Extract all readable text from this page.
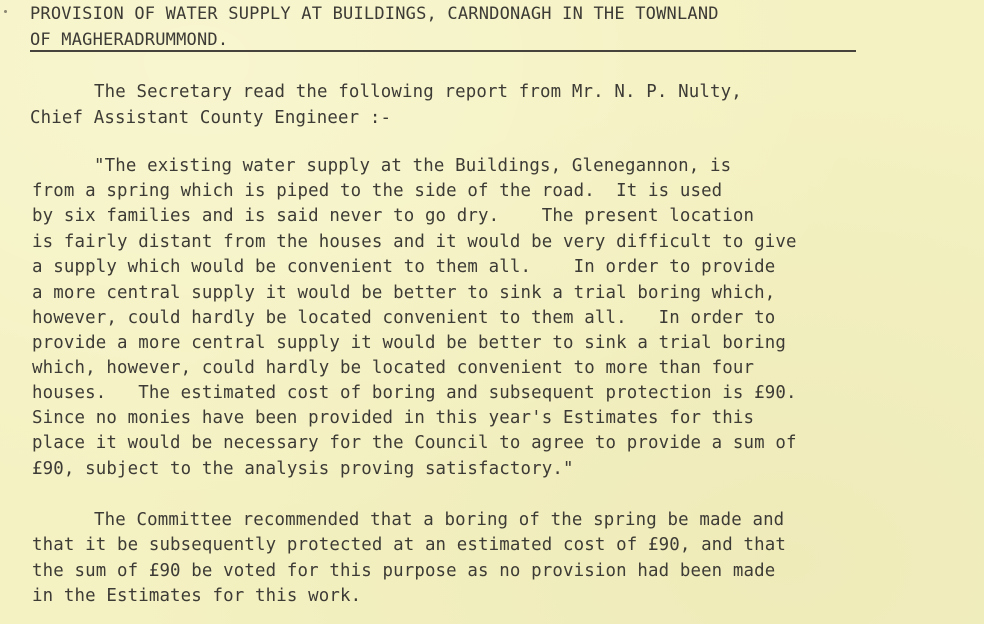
PROVISION OF WATER SUPPLY AT BUILDINGS, CARNDONAGH IN THE TOWNLAND
OF MAGHERADRUMMOND.
The Secretary read the following report from Mr. N. P. Nulty,
Chief Assistant County Engineer :-
"The existing water supply at the Buildings, Glenegannon, is
from a spring which is piped to the side of the road.  It is used
by six families and is said never to go dry.    The present location
is fairly distant from the houses and it would be very difficult to give
a supply which would be convenient to them all.    In order to provide
a more central supply it would be better to sink a trial boring which,
however, could hardly be located convenient to them all.   In order to
provide a more central supply it would be better to sink a trial boring
which, however, could hardly be located convenient to more than four
houses.   The estimated cost of boring and subsequent protection is £90.
Since no monies have been provided in this year's Estimates for this
place it would be necessary for the Council to agree to provide a sum of
£90, subject to the analysis proving satisfactory."
The Committee recommended that a boring of the spring be made and
that it be subsequently protected at an estimated cost of £90, and that
the sum of £90 be voted for this purpose as no provision had been made
in the Estimates for this work.
